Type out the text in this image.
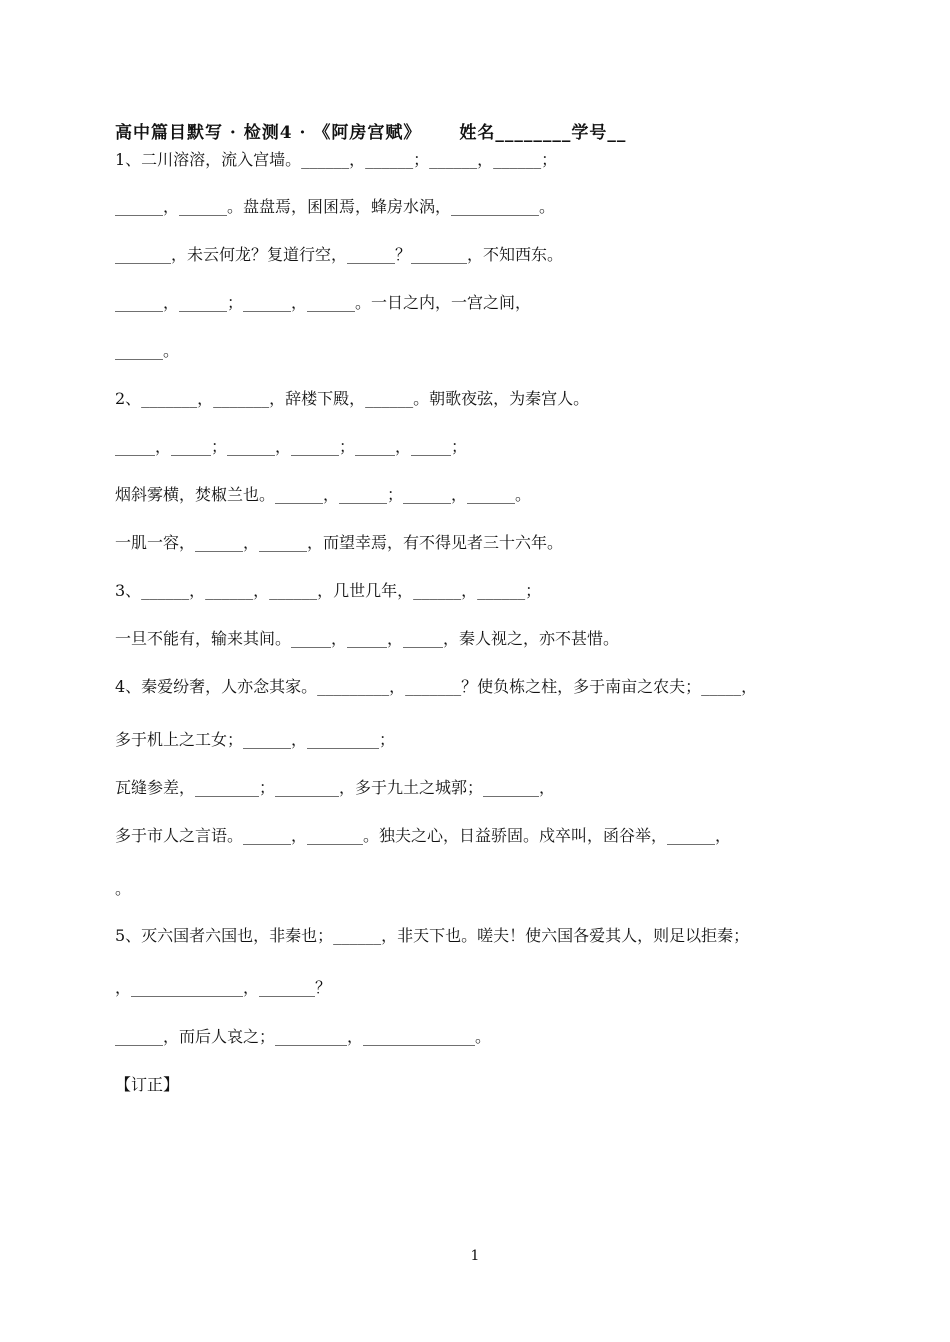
高中篇目默写 · 检测4 · 《阿房宫赋》 姓名________学号__
1、二川溶溶，流入宫墙。______，______；______，______；
______，______。盘盘焉，囷囷焉，蜂房水涡，___________。
_______，未云何龙？复道行空，______？_______，不知西东。
______，______；______，______。一日之内，一宫之间，
______。
2、_______，_______，辞楼下殿，______。朝歌夜弦，为秦宫人。
_____，_____；______，______；_____，_____；
烟斜雾横，焚椒兰也。______，______；______，______。
一肌一容，______，______，而望幸焉，有不得见者三十六年。
3、______，______，______，几世几年，______，______；
一旦不能有，输来其间。_____，_____，_____，秦人视之，亦不甚惜。
4、秦爱纷奢，人亦念其家。_________，_______？使负栋之柱，多于南亩之农夫；_____，
多于机上之工女；______，_________；
瓦缝参差，________；________，多于九土之城郭；_______，
多于市人之言语。______，_______。独夫之心，日益骄固。戍卒叫，函谷举，______，
。
5、灭六国者六国也，非秦也；______，非天下也。嗟夫！使六国各爱其人，则足以拒秦；
，______________，_______？
______，而后人哀之；_________，______________。
【订正】
1
